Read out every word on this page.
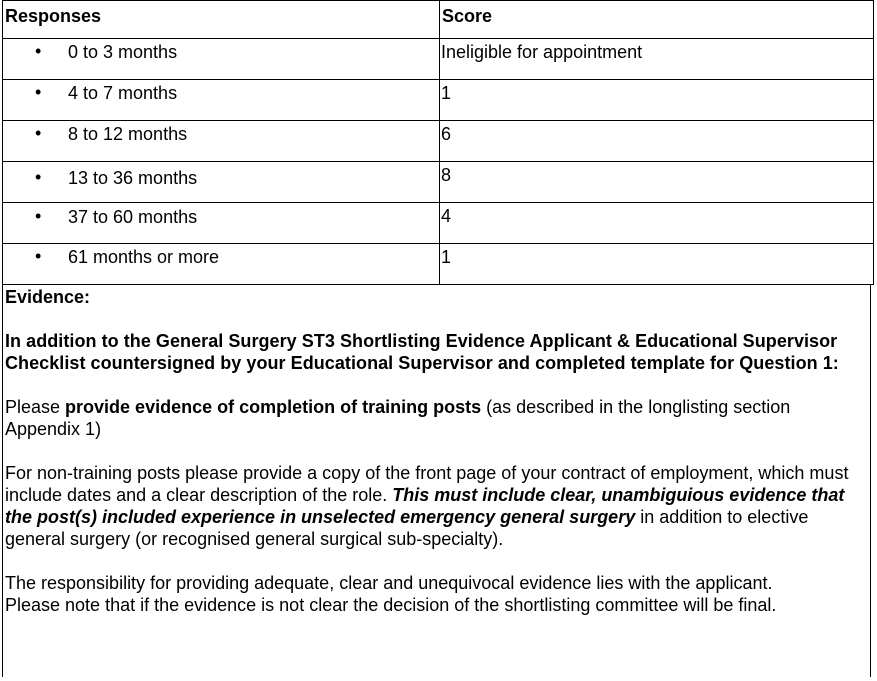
Responses	Score

• 0 to 3 months	Ineligible for appointment

• 4 to 7 months	1

• 8 to 12 months	6

• 13 to 36 months	8

• 37 to 60 months	4

• 61 months or more	1

Evidence:

In addition to the General Surgery ST3 Shortlisting Evidence Applicant & Educational Supervisor Checklist countersigned by your Educational Supervisor and completed template for Question 1:

Please provide evidence of completion of training posts (as described in the longlisting section Appendix 1)

For non-training posts please provide a copy of the front page of your contract of employment, which must include dates and a clear description of the role. This must include clear, unambiguious evidence that the post(s) included experience in unselected emergency general surgery in addition to elective general surgery (or recognised general surgical sub-specialty).

The responsibility for providing adequate, clear and unequivocal evidence lies with the applicant.
Please note that if the evidence is not clear the decision of the shortlisting committee will be final.
